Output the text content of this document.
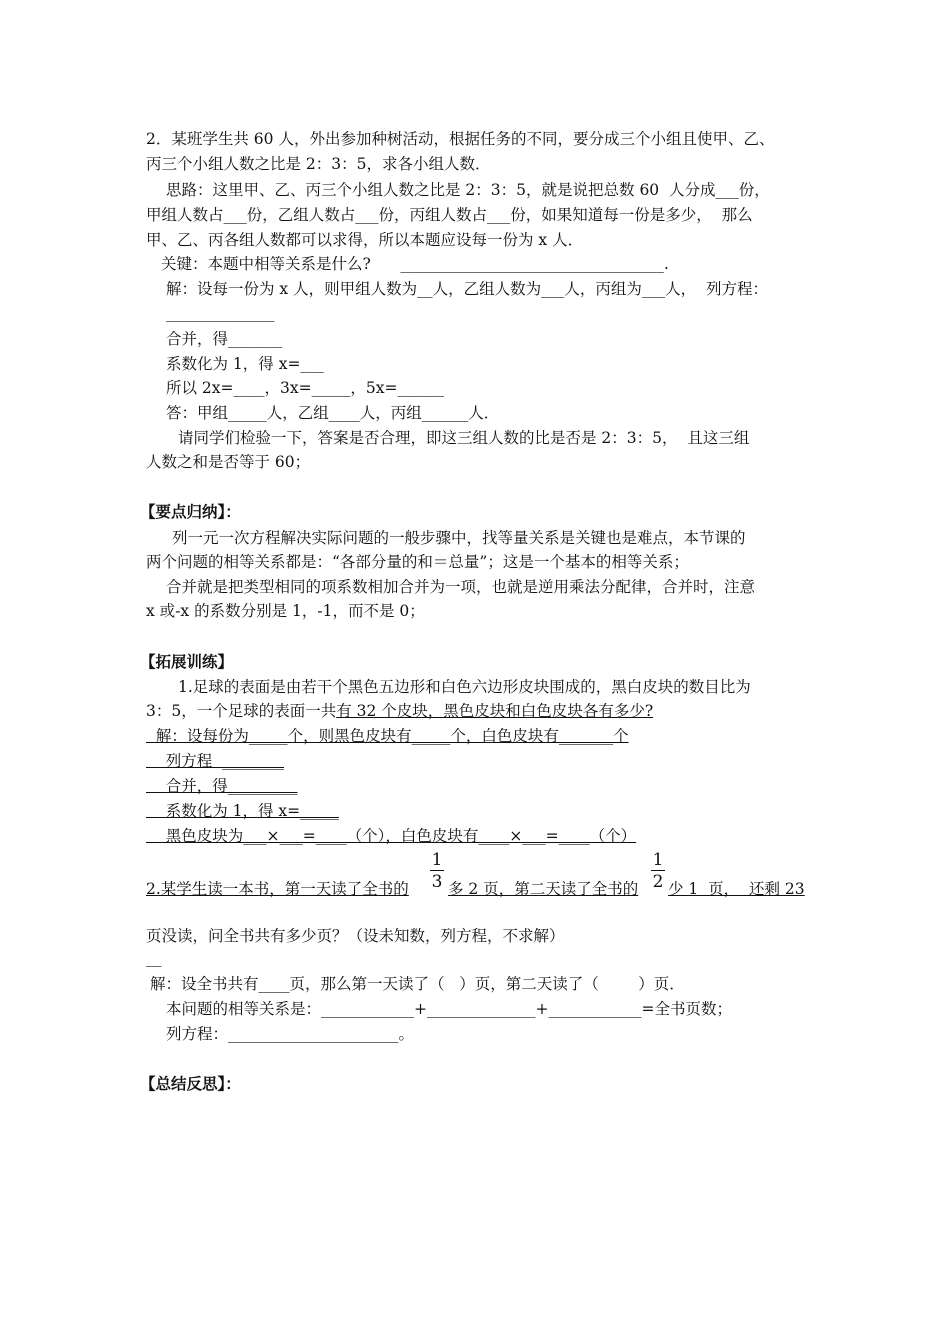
2．某班学生共 60 人，外出参加种树活动，根据任务的不同，要分成三个小组且使甲、乙、
丙三个小组人数之比是 2：3：5，求各小组人数．
思路：这里甲、乙、丙三个小组人数之比是 2：3：5，就是说把总数 60  人分成___份，
甲组人数占___份，乙组人数占___份，丙组人数占___份，如果知道每一份是多少，  那么
甲、乙、丙各组人数都可以求得，所以本题应设每一份为 x 人．
关键：本题中相等关系是什么?      __________________________________.
解：设每一份为 x 人，则甲组人数为__人，乙组人数为___人，丙组为___人，  列方程：
______________
合并，得_______
系数化为 1，得 x=___
所以 2x=____，3x=_____，5x=______
答：甲组_____人，乙组____人，丙组______人．
请同学们检验一下，答案是否合理，即这三组人数的比是否是 2：3：5，  且这三组
人数之和是否等于 60；
【要点归纳】：
列一元一次方程解决实际问题的一般步骤中，找等量关系是关键也是难点，本节课的
两个问题的相等关系都是：“各部分量的和＝总量”；这是一个基本的相等关系；
合并就是把类型相同的项系数相加合并为一项，也就是逆用乘法分配律，合并时，注意
x 或-x 的系数分别是 1，-1，而不是 0；
【拓展训练】
1.足球的表面是由若干个黑色五边形和白色六边形皮块围成的，黑白皮块的数目比为
3：5，一个足球的表面一共有 32 个皮块，黑色皮块和白色皮块各有多少?
解：设每份为_____个，则黑色皮块有_____个，白色皮块有_______个
列方程  ________
合并，得_________
系数化为 1，得 x=_____
黑色皮块为___×___=____（个），白色皮块有____×___=____（个）
1
3
1
2
2.某学生读一本书，第一天读了全书的	多 2 页，第二天读了全书的 少 1  页，  还剩 23
页没读，问全书共有多少页？（设未知数，列方程，不求解）
__
解：设全书共有____页，那么第一天读了（   ）页，第二天读了（        ）页．
本问题的相等关系是：____________+______________+____________=全书页数；
列方程：______________________。
【总结反思】：
